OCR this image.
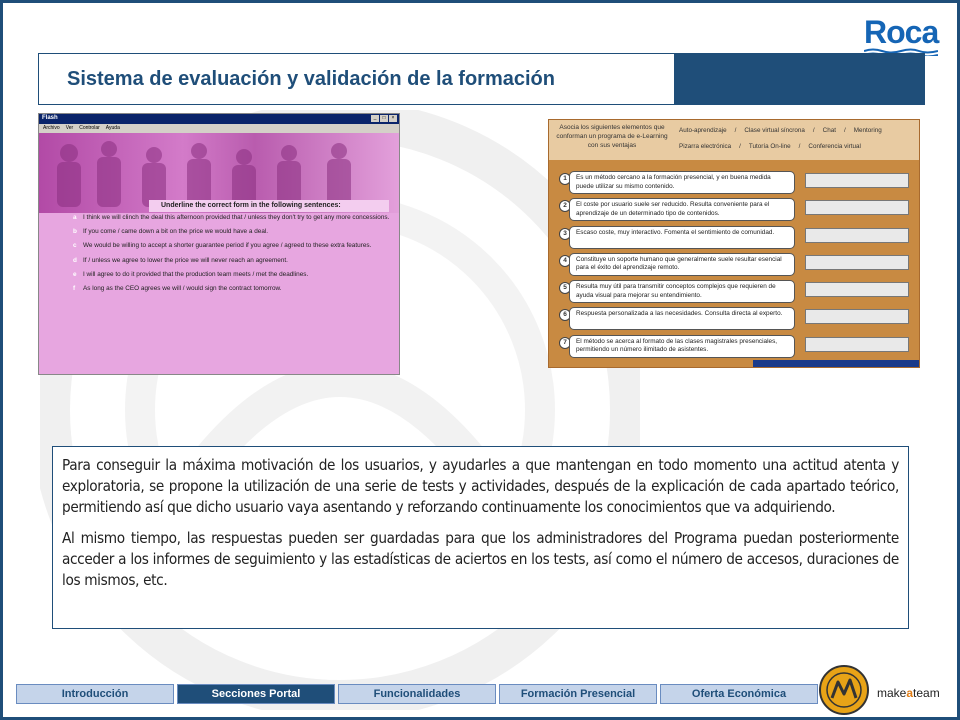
Roca
Sistema de evaluación y validación de la formación
Flash	_	□	×
Archivo Ver Controlar Ayuda
Underline the correct form in the following sentences:
a I think we will clinch the deal this afternoon provided that / unless they don't try to get any more concessions.
b If you come / came down a bit on the price we would have a deal.
c We would be willing to accept a shorter guarantee period if you agree / agreed to these extra features.
d If / unless we agree to lower the price we will never reach an agreement.
e I will agree to do it provided that the production team meets / met the deadlines.
f As long as the CEO agrees we will / would sign the contract tomorrow.
Asocia los siguientes elementos que conforman un programa de e-Learning con sus ventajas
Auto-aprendizaje / Clase virtual síncrona / Chat / Mentoring
Pizarra electrónica / Tutoría On-line / Conferencia virtual
1	Es un método cercano a la formación presencial, y en buena medida puede utilizar su mismo contenido.
2	El coste por usuario suele ser reducido. Resulta conveniente para el aprendizaje de un determinado tipo de contenidos.
3	Escaso coste, muy interactivo. Fomenta el sentimiento de comunidad.
4	Constituye un soporte humano que generalmente suele resultar esencial para el éxito del aprendizaje remoto.
5	Resulta muy útil para transmitir conceptos complejos que requieren de ayuda visual para mejorar su entendimiento.
6	Respuesta personalizada a las necesidades. Consulta directa al experto.
7	El método se acerca al formato de las clases magistrales presenciales, permitiendo un número ilimitado de asistentes.

Para conseguir la máxima motivación de los usuarios, y ayudarles a que mantengan en todo momento una actitud atenta y exploratoria, se propone la utilización de una serie de tests y actividades, después de la explicación de cada apartado teórico, permitiendo así que dicho usuario vaya asentando y reforzando continuamente los conocimientos que va adquiriendo.

Al mismo tiempo, las respuestas pueden ser guardadas para que los administradores del Programa puedan posteriormente acceder a los informes de seguimiento y las estadísticas de aciertos en los tests, así como el número de accesos, duraciones de los mismos, etc.

Introducción	Secciones Portal	Funcionalidades	Formación Presencial	Oferta Económica	makeateam
